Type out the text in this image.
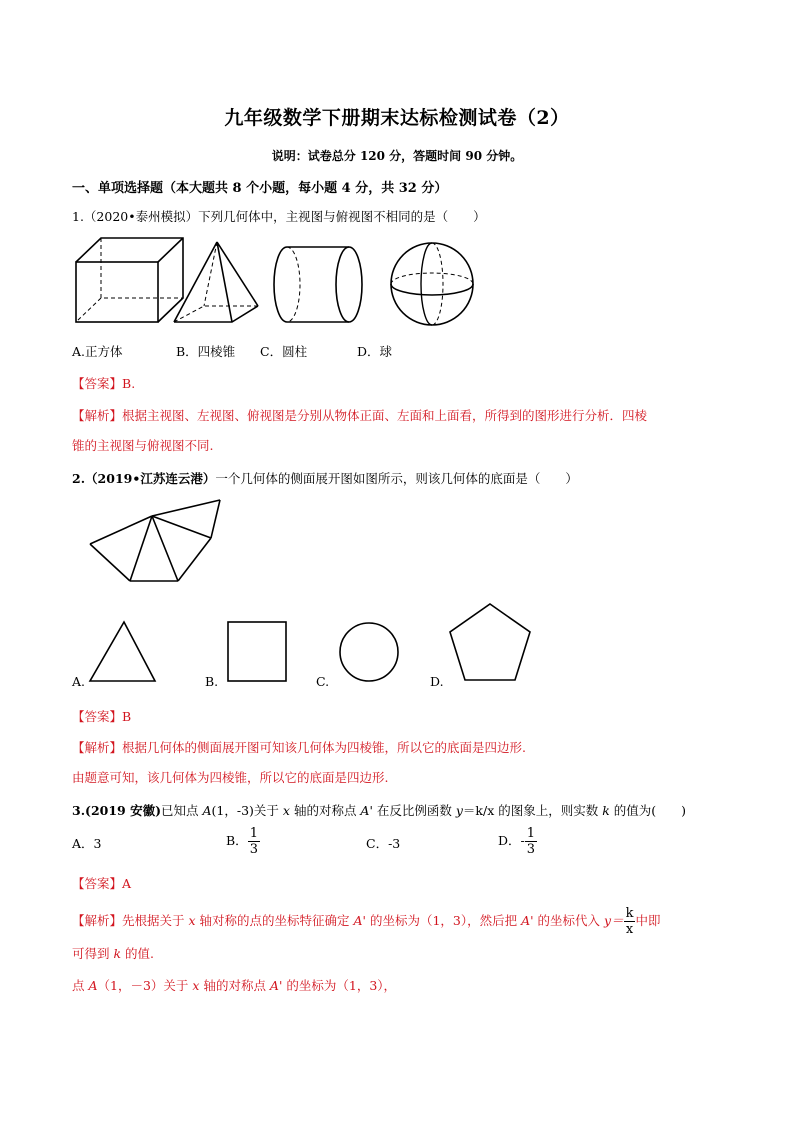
九年级数学下册期末达标检测试卷（2）
说明：试卷总分 120 分，答题时间 90 分钟。
一、单项选择题（本大题共 8 个小题，每小题 4 分，共 32 分）
1.（2020•泰州模拟）下列几何体中，主视图与俯视图不相同的是（　　）
A.正方体	B．四棱锥 C．圆柱	D．球
【答案】B.
【解析】根据主视图、左视图、俯视图是分别从物体正面、左面和上面看，所得到的图形进行分析．四棱
锥的主视图与俯视图不同.
2.（2019•江苏连云港）一个几何体的侧面展开图如图所示，则该几何体的底面是（　　）
A.	B.	C.	D.
【答案】B
【解析】根据几何体的侧面展开图可知该几何体为四棱锥，所以它的底面是四边形.
由题意可知，该几何体为四棱锥，所以它的底面是四边形.
3.(2019 安徽)已知点 A(1，-3)关于 x 轴的对称点 A' 在反比例函数 y＝k/x 的图象上，则实数 k 的值为(　　)
A．3	B． $\frac{1}{3}$	C．-3	D．- $\frac{1}{3}$
【答案】A
【解析】先根据关于 x 轴对称的点的坐标特征确定 A' 的坐标为（1，3），然后把 A' 的坐标代入 $y= \frac{k}{x}$ 中即
可得到 k 的值.
点 A（1，－3）关于 x 轴的对称点 A' 的坐标为（1，3），
